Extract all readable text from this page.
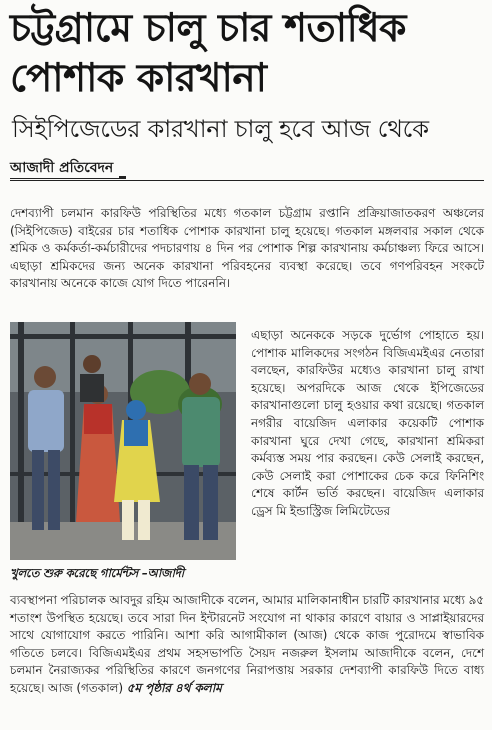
চট্টগ্রামে চালু চার শতাধিক পোশাক কারখানা
সিইপিজেডের কারখানা চালু হবে আজ থেকে
আজাদী প্রতিবেদন

দেশব্যাপী চলমান কারফিউ পরিস্থিতির মধ্যে গতকাল চট্টগ্রাম রপ্তানি প্রক্রিয়াজাতকরণ অঞ্চলের (সিইপিজেড) বাইরের চার শতাধিক পোশাক কারখানা চালু হয়েছে। গতকাল মঙ্গলবার সকাল থেকে শ্রমিক ও কর্মকর্তা-কর্মচারীদের পদচারণায় ৪ দিন পর পোশাক শিল্প কারখানায় কর্মচাঞ্চল্য ফিরে আসে। এছাড়া শ্রমিকদের জন্য অনেক কারখানা পরিবহনের ব্যবস্থা করেছে। তবে গণপরিবহন সংকটে কারখানায় অনেকে কাজে যোগ দিতে পারেননি।

খুলতে শুরু করেছে গার্মেন্টস –আজাদী

এছাড়া অনেককে সড়কে দুর্ভোগ পোহাতে হয়। পোশাক মালিকদের সংগঠন বিজিএমইএর নেতারা বলছেন, কারফিউর মধ্যেও কারখানা চালু রাখা হয়েছে। অপরদিকে আজ থেকে ইপিজেডের কারখানাগুলো চালু হওয়ার কথা রয়েছে। গতকাল নগরীর বায়েজিদ এলাকার কয়েকটি পোশাক কারখানা ঘুরে দেখা গেছে, কারখানা শ্রমিকরা কর্মব্যস্ত সময় পার করছেন। কেউ সেলাই করছেন, কেউ সেলাই করা পোশাকের চেক করে ফিনিশিং শেষে কার্টন ভর্তি করছেন। বায়েজিদ এলাকার ড্রেস মি ইন্ডাস্ট্রিজ লিমিটেডের

ব্যবস্থাপনা পরিচালক আবদুর রহিম আজাদীকে বলেন, আমার মালিকানাধীন চারটি কারখানার মধ্যে ৯৫ শতাংশ উপস্থিত হয়েছে। তবে সারা দিন ইন্টারনেট সংযোগ না থাকার কারণে বায়ার ও সাপ্লাইয়ারদের সাথে যোগাযোগ করতে পারিনি। আশা করি আগামীকাল (আজ) থেকে কাজ পুরোদমে স্বাভাবিক গতিতে চলবে। বিজিএমইএর প্রথম সহসভাপতি সৈয়দ নজরুল ইসলাম আজাদীকে বলেন, দেশে চলমান নৈরাজ্যকর পরিস্থিতির কারণে জনগণের নিরাপত্তায় সরকার দেশব্যাপী কারফিউ দিতে বাধ্য হয়েছে। আজ (গতকাল) ৫ম পৃষ্ঠার ৪র্থ কলাম
